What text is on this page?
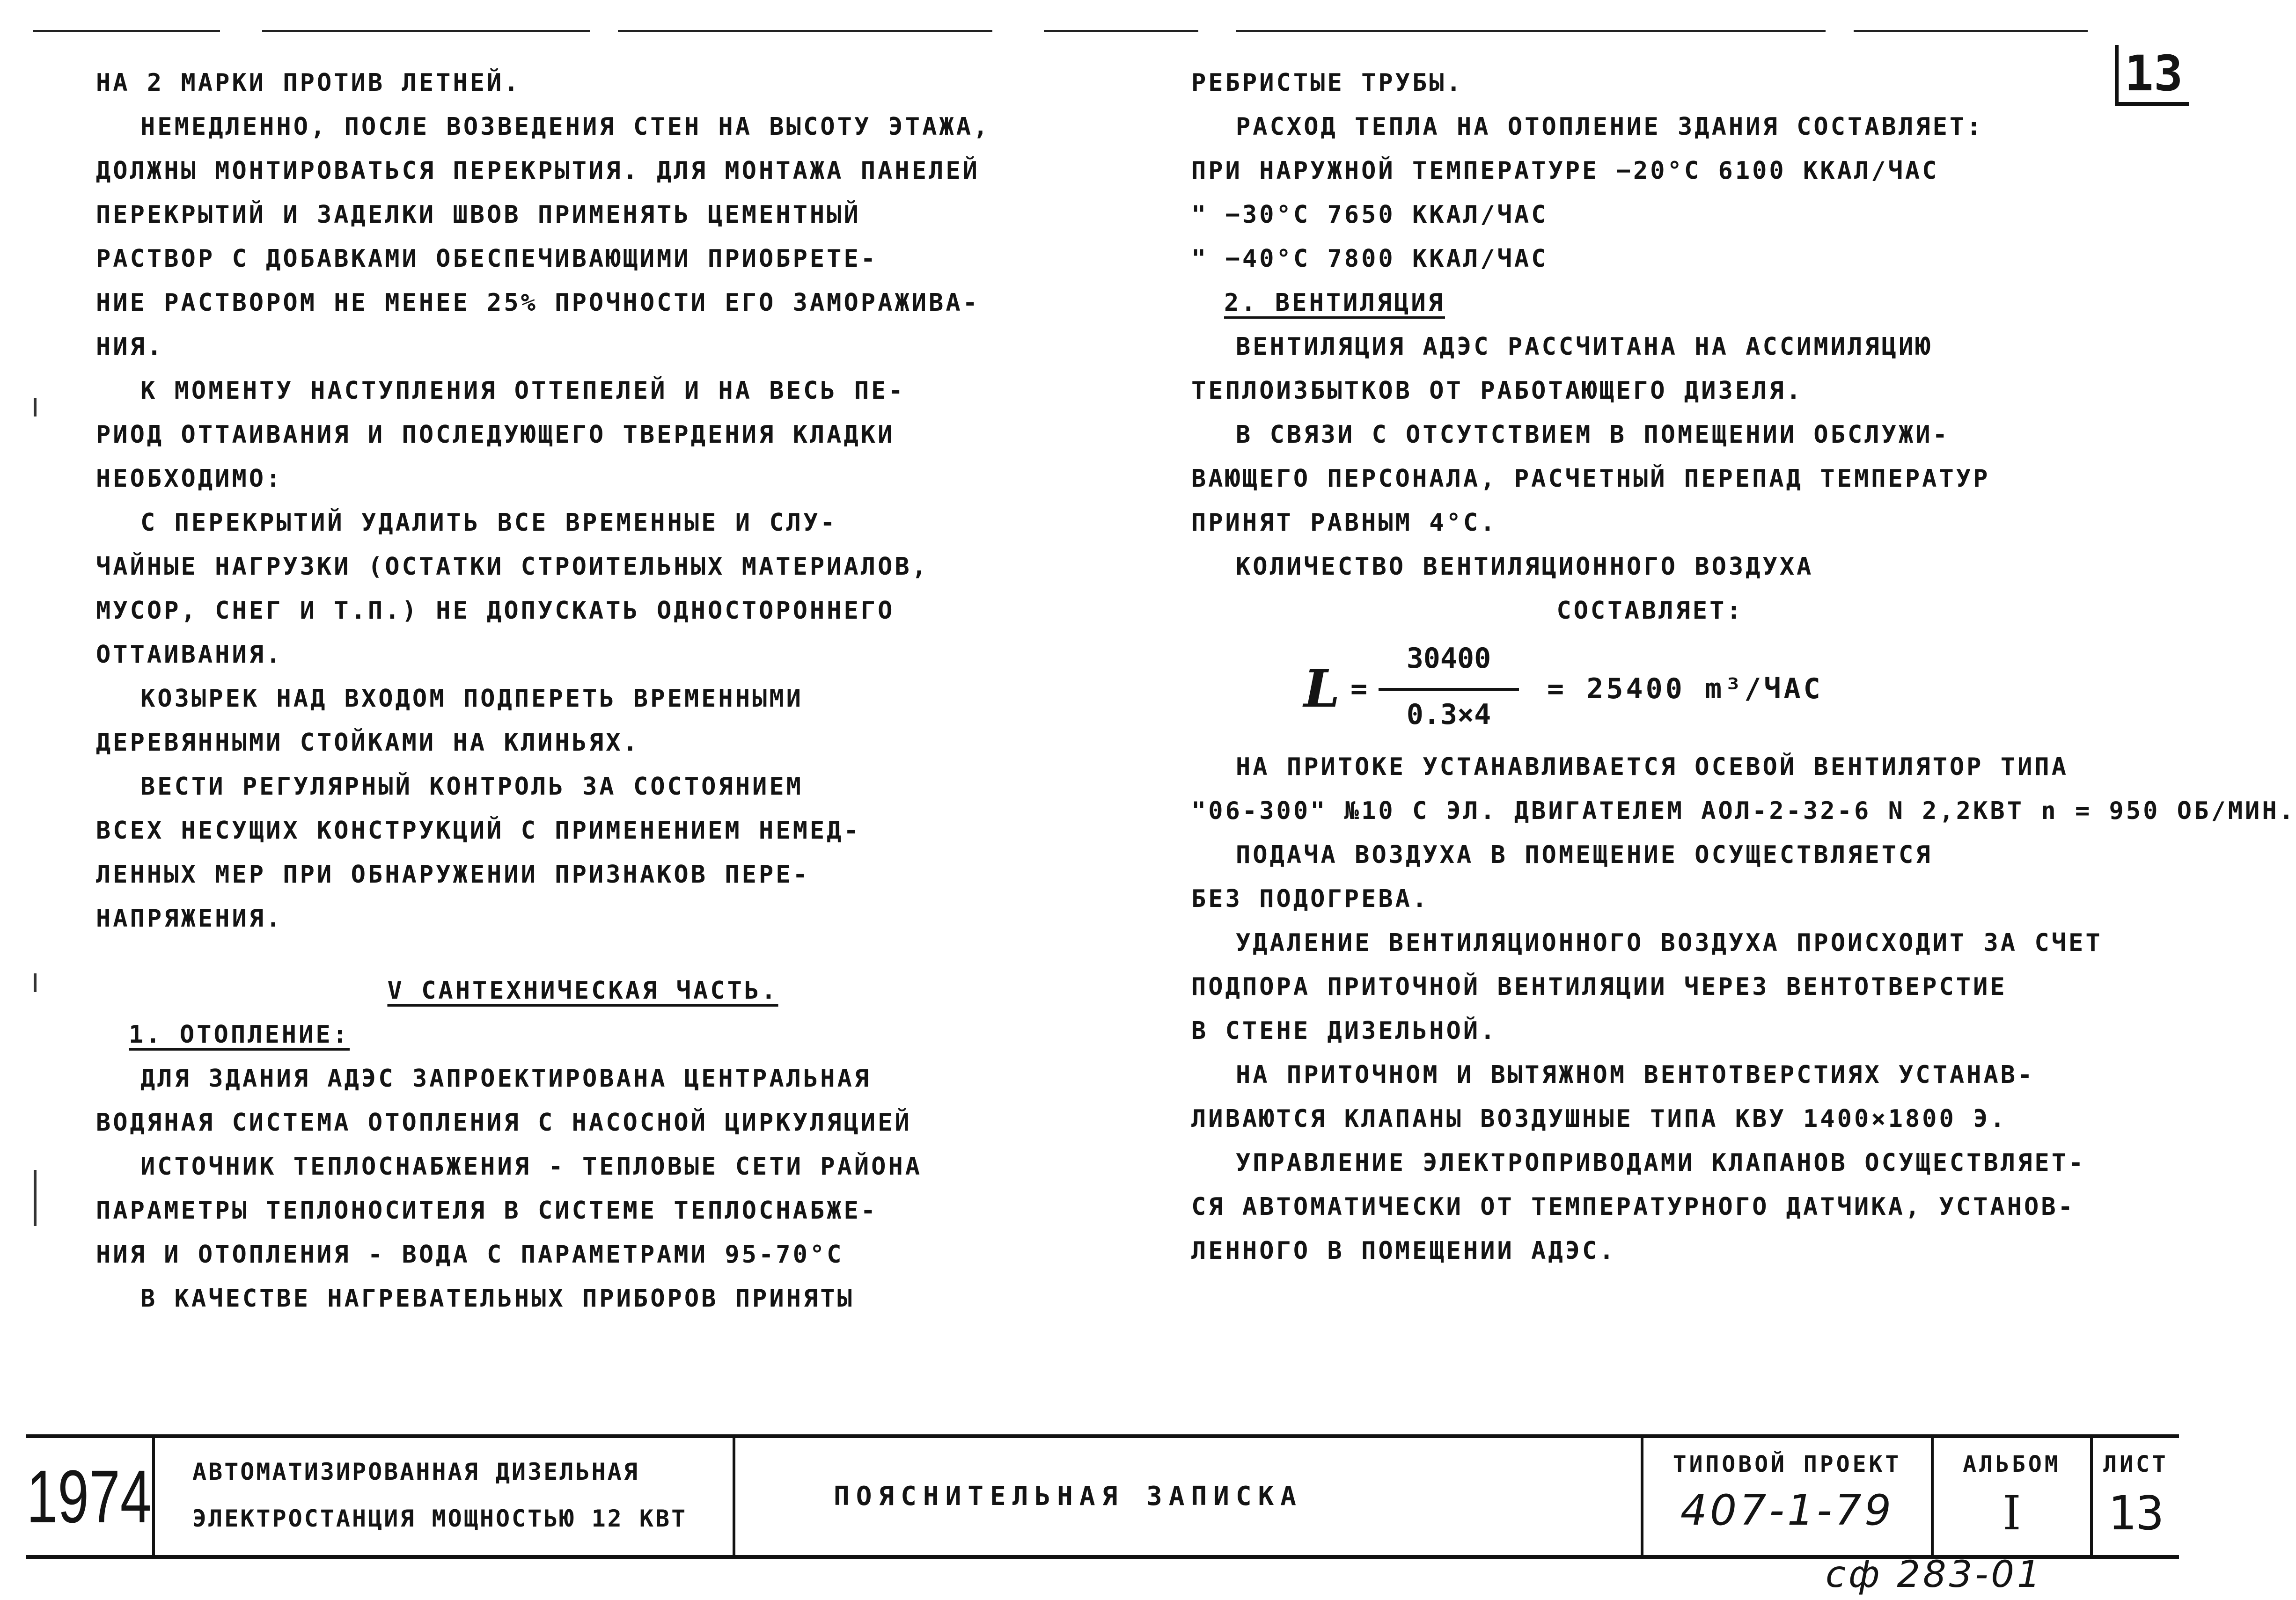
13
НА 2 МАРКИ ПРОТИВ ЛЕТНЕЙ.
НЕМЕДЛЕННО, ПОСЛЕ ВОЗВЕДЕНИЯ СТЕН НА ВЫСОТУ ЭТАЖА,
ДОЛЖНЫ МОНТИРОВАТЬСЯ ПЕРЕКРЫТИЯ. ДЛЯ МОНТАЖА ПАНЕЛЕЙ
ПЕРЕКРЫТИЙ И ЗАДЕЛКИ ШВОВ ПРИМЕНЯТЬ ЦЕМЕНТНЫЙ
РАСТВОР С ДОБАВКАМИ ОБЕСПЕЧИВАЮЩИМИ ПРИОБРЕТЕ-
НИЕ РАСТВОРОМ НЕ МЕНЕЕ 25% ПРОЧНОСТИ ЕГО ЗАМОРАЖИВА-
НИЯ.
К МОМЕНТУ НАСТУПЛЕНИЯ ОТТЕПЕЛЕЙ И НА ВЕСЬ ПЕ-
РИОД ОТТАИВАНИЯ И ПОСЛЕДУЮЩЕГО ТВЕРДЕНИЯ КЛАДКИ
НЕОБХОДИМО:
С ПЕРЕКРЫТИЙ УДАЛИТЬ ВСЕ ВРЕМЕННЫЕ И СЛУ-
ЧАЙНЫЕ НАГРУЗКИ (ОСТАТКИ СТРОИТЕЛЬНЫХ МАТЕРИАЛОВ,
МУСОР, СНЕГ И Т.П.) НЕ ДОПУСКАТЬ ОДНОСТОРОННЕГО
ОТТАИВАНИЯ.
КОЗЫРЕК НАД ВХОДОМ ПОДПЕРЕТЬ ВРЕМЕННЫМИ
ДЕРЕВЯННЫМИ СТОЙКАМИ НА КЛИНЬЯХ.
ВЕСТИ РЕГУЛЯРНЫЙ КОНТРОЛЬ ЗА СОСТОЯНИЕМ
ВСЕХ НЕСУЩИХ КОНСТРУКЦИЙ С ПРИМЕНЕНИЕМ НЕМЕД-
ЛЕННЫХ МЕР ПРИ ОБНАРУЖЕНИИ ПРИЗНАКОВ ПЕРЕ-
НАПРЯЖЕНИЯ.
V САНТЕХНИЧЕСКАЯ ЧАСТЬ.
1. ОТОПЛЕНИЕ:
ДЛЯ ЗДАНИЯ АДЭС ЗАПРОЕКТИРОВАНА ЦЕНТРАЛЬНАЯ
ВОДЯНАЯ СИСТЕМА ОТОПЛЕНИЯ С НАСОСНОЙ ЦИРКУЛЯЦИЕЙ
ИСТОЧНИК ТЕПЛОСНАБЖЕНИЯ - ТЕПЛОВЫЕ СЕТИ РАЙОНА
ПАРАМЕТРЫ ТЕПЛОНОСИТЕЛЯ В СИСТЕМЕ ТЕПЛОСНАБЖЕ-
НИЯ И ОТОПЛЕНИЯ - ВОДА С ПАРАМЕТРАМИ 95-70°С
В КАЧЕСТВЕ НАГРЕВАТЕЛЬНЫХ ПРИБОРОВ ПРИНЯТЫ
РЕБРИСТЫЕ ТРУБЫ.
РАСХОД ТЕПЛА НА ОТОПЛЕНИЕ ЗДАНИЯ СОСТАВЛЯЕТ:
ПРИ НАРУЖНОЙ ТЕМПЕРАТУРЕ −20°С 6100 ККАЛ/ЧАС
" −30°С 7650 ККАЛ/ЧАС
" −40°С 7800 ККАЛ/ЧАС
2. ВЕНТИЛЯЦИЯ
ВЕНТИЛЯЦИЯ АДЭС РАССЧИТАНА НА АССИМИЛЯЦИЮ
ТЕПЛОИЗБЫТКОВ ОТ РАБОТАЮЩЕГО ДИЗЕЛЯ.
В СВЯЗИ С ОТСУТСТВИЕМ В ПОМЕЩЕНИИ ОБСЛУЖИ-
ВАЮЩЕГО ПЕРСОНАЛА, РАСЧЕТНЫЙ ПЕРЕПАД ТЕМПЕРАТУР
ПРИНЯТ РАВНЫМ 4°С.
КОЛИЧЕСТВО ВЕНТИЛЯЦИОННОГО ВОЗДУХА
СОСТАВЛЯЕТ:
L =
30400
0.3×4
= 25400 m³/ЧАС
НА ПРИТОКЕ УСТАНАВЛИВАЕТСЯ ОСЕВОЙ ВЕНТИЛЯТОР ТИПА
"06-300" №10 С ЭЛ. ДВИГАТЕЛЕМ АОЛ-2-32-6 N 2,2КВТ n = 950 ОБ/МИН.
ПОДАЧА ВОЗДУХА В ПОМЕЩЕНИЕ ОСУЩЕСТВЛЯЕТСЯ
БЕЗ ПОДОГРЕВА.
УДАЛЕНИЕ ВЕНТИЛЯЦИОННОГО ВОЗДУХА ПРОИСХОДИТ ЗА СЧЕТ
ПОДПОРА ПРИТОЧНОЙ ВЕНТИЛЯЦИИ ЧЕРЕЗ ВЕНТОТВЕРСТИЕ
В СТЕНЕ ДИЗЕЛЬНОЙ.
НА ПРИТОЧНОМ И ВЫТЯЖНОМ ВЕНТОТВЕРСТИЯХ УСТАНАВ-
ЛИВАЮТСЯ КЛАПАНЫ ВОЗДУШНЫЕ ТИПА КВУ 1400×1800 Э.
УПРАВЛЕНИЕ ЭЛЕКТРОПРИВОДАМИ КЛАПАНОВ ОСУЩЕСТВЛЯЕТ-
СЯ АВТОМАТИЧЕСКИ ОТ ТЕМПЕРАТУРНОГО ДАТЧИКА, УСТАНОВ-
ЛЕННОГО В ПОМЕЩЕНИИ АДЭС.
1974 АВТОМАТИЗИРОВАННАЯ ДИЗЕЛЬНАЯ
ЭЛЕКТРОСТАНЦИЯ МОЩНОСТЬЮ 12 КВТ
ПОЯСНИТЕЛЬНАЯ ЗАПИСКА
ТИПОВОЙ ПРОЕКТ
407-1-79
АЛЬБОМ
I
ЛИСТ
13
сф 283-01
